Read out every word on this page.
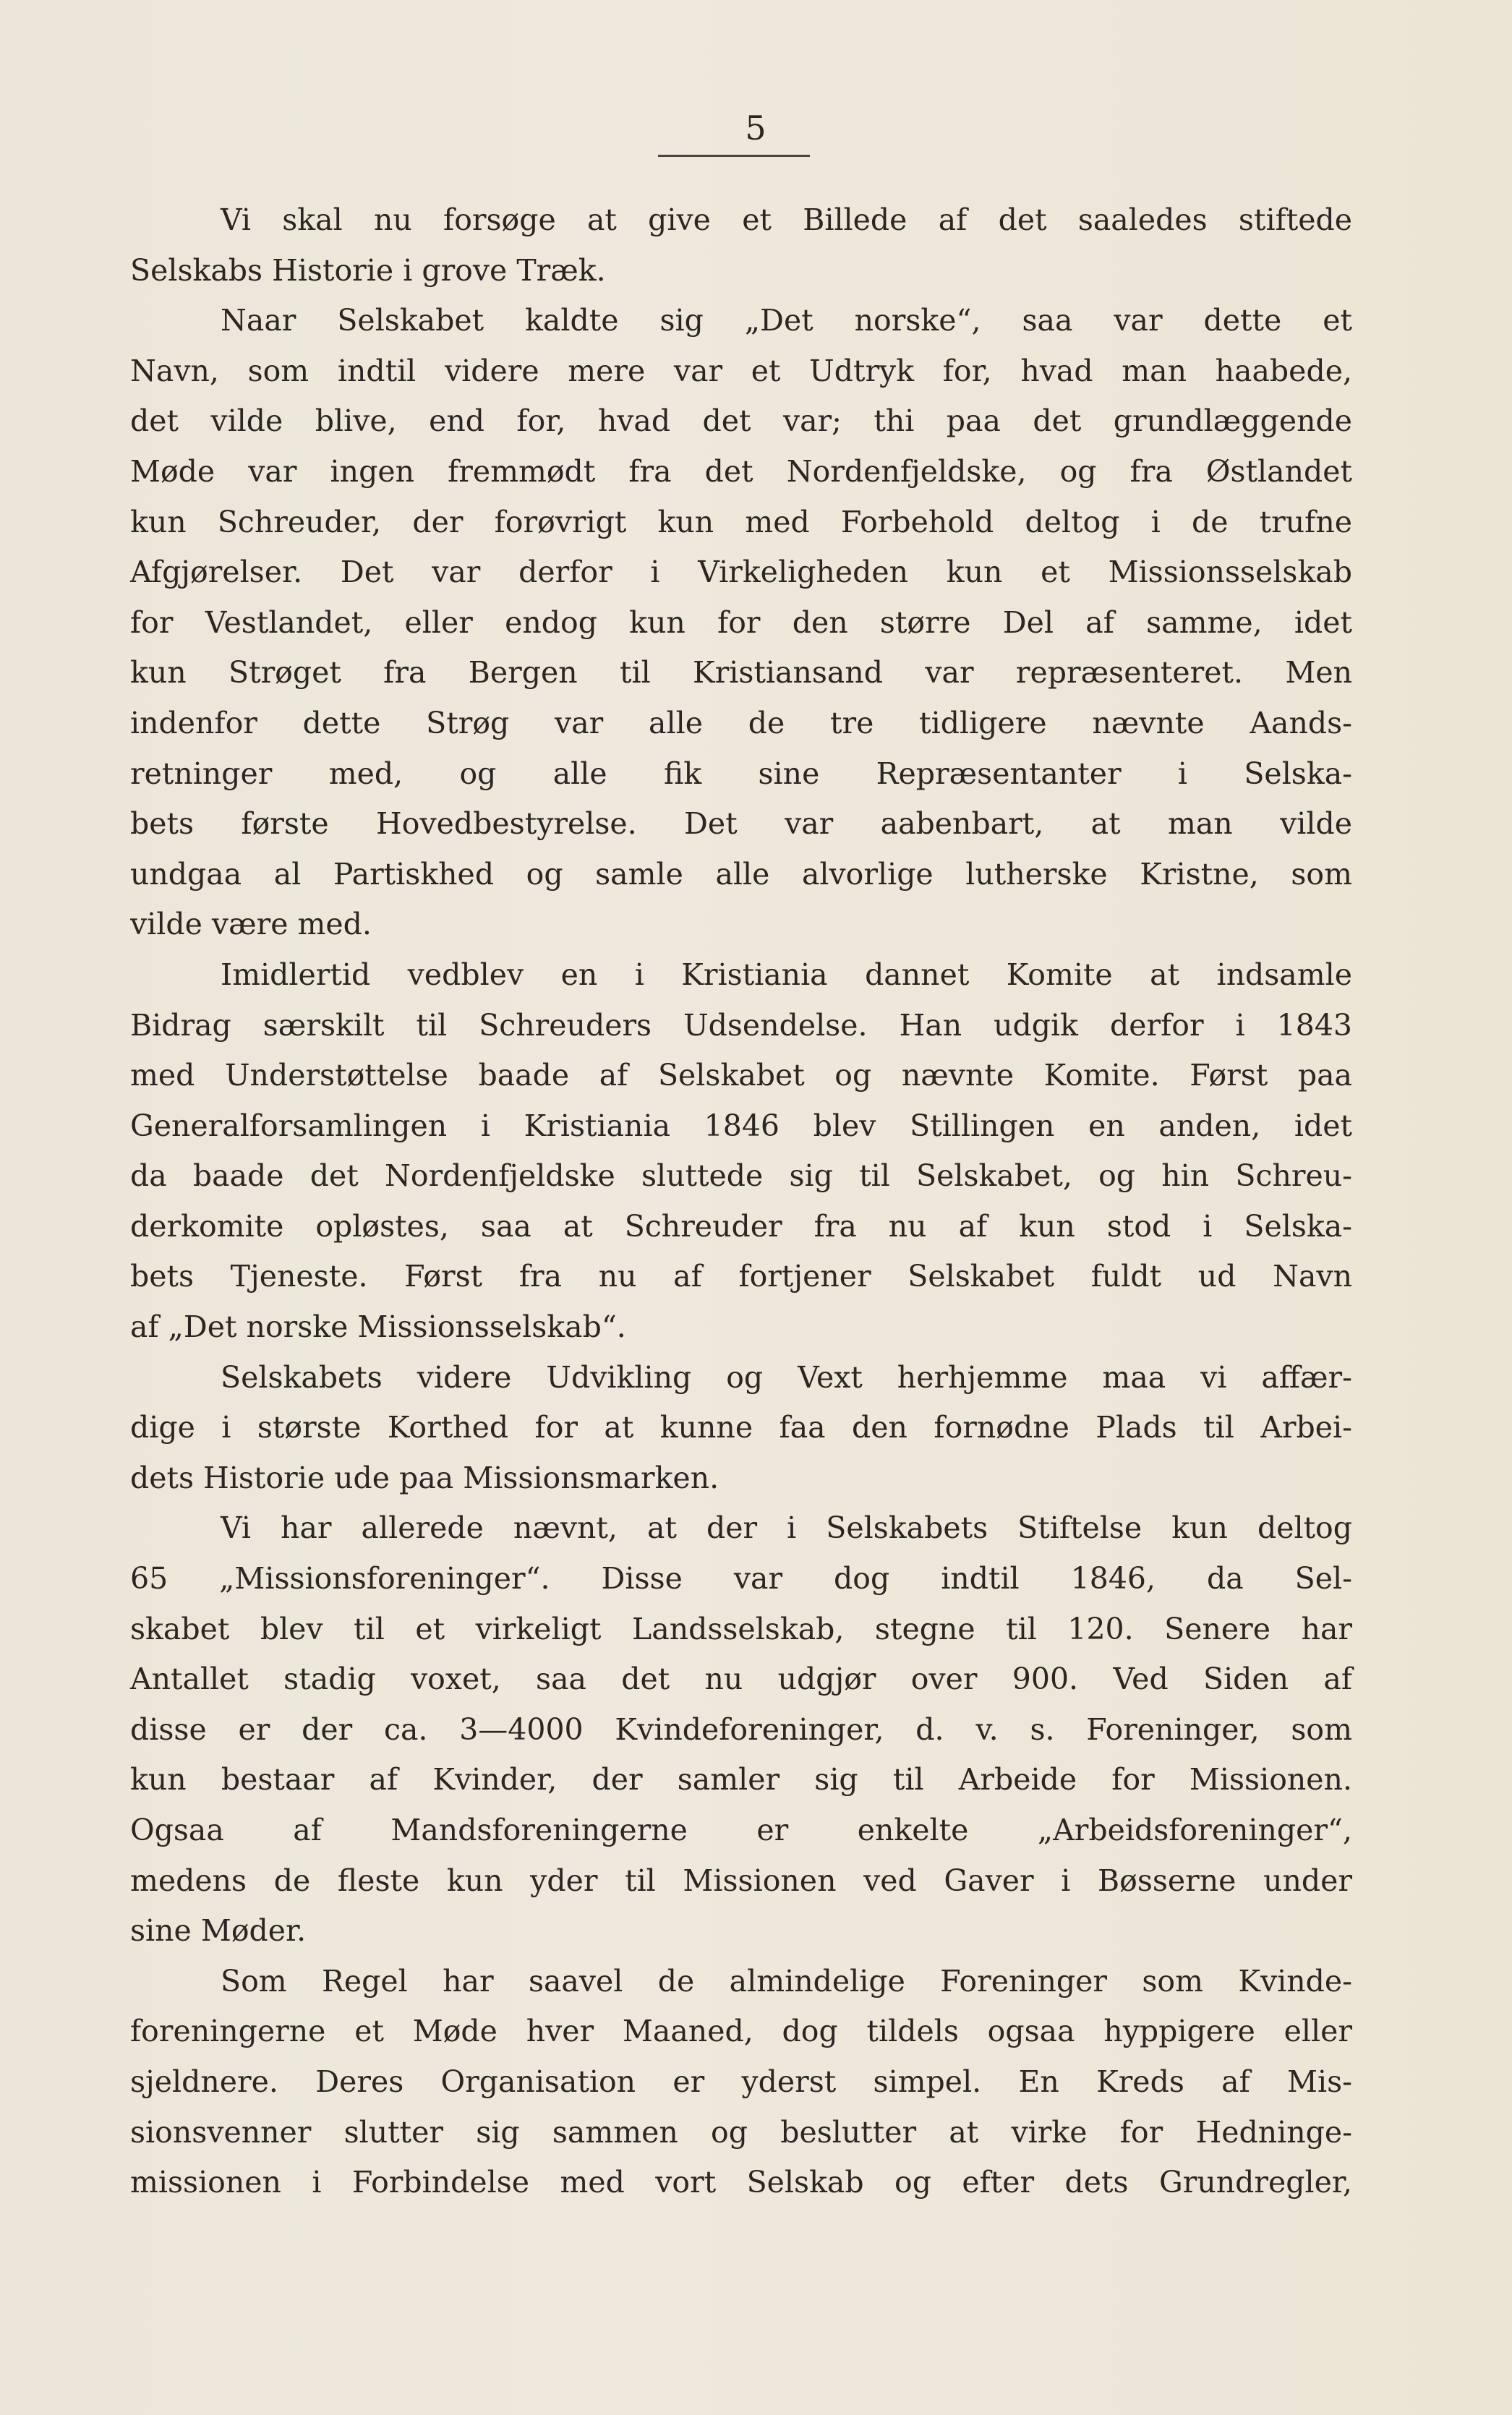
5
Vi skal nu forsøge at give et Billede af det saaledes stiftede
Selskabs Historie i grove Træk.
Naar Selskabet kaldte sig „Det norske“, saa var dette et
Navn, som indtil videre mere var et Udtryk for, hvad man haabede,
det vilde blive, end for, hvad det var; thi paa det grundlæggende
Møde var ingen fremmødt fra det Nordenfjeldske, og fra Østlandet
kun Schreuder, der forøvrigt kun med Forbehold deltog i de trufne
Afgjørelser. Det var derfor i Virkeligheden kun et Missionsselskab
for Vestlandet, eller endog kun for den større Del af samme, idet
kun Strøget fra Bergen til Kristiansand var repræsenteret. Men
indenfor dette Strøg var alle de tre tidligere nævnte Aands-
retninger med, og alle fik sine Repræsentanter i Selska-
bets første Hovedbestyrelse. Det var aabenbart, at man vilde
undgaa al Partiskhed og samle alle alvorlige lutherske Kristne, som
vilde være med.
Imidlertid vedblev en i Kristiania dannet Komite at indsamle
Bidrag særskilt til Schreuders Udsendelse. Han udgik derfor i 1843
med Understøttelse baade af Selskabet og nævnte Komite. Først paa
Generalforsamlingen i Kristiania 1846 blev Stillingen en anden, idet
da baade det Nordenfjeldske sluttede sig til Selskabet, og hin Schreu-
derkomite opløstes, saa at Schreuder fra nu af kun stod i Selska-
bets Tjeneste. Først fra nu af fortjener Selskabet fuldt ud Navn
af „Det norske Missionsselskab“.
Selskabets videre Udvikling og Vext herhjemme maa vi affær-
dige i største Korthed for at kunne faa den fornødne Plads til Arbei-
dets Historie ude paa Missionsmarken.
Vi har allerede nævnt, at der i Selskabets Stiftelse kun deltog
65 „Missionsforeninger“. Disse var dog indtil 1846, da Sel-
skabet blev til et virkeligt Landsselskab, stegne til 120. Senere har
Antallet stadig voxet, saa det nu udgjør over 900. Ved Siden af
disse er der ca. 3—4000 Kvindeforeninger, d. v. s. Foreninger, som
kun bestaar af Kvinder, der samler sig til Arbeide for Missionen.
Ogsaa af Mandsforeningerne er enkelte „Arbeidsforeninger“,
medens de fleste kun yder til Missionen ved Gaver i Bøsserne under
sine Møder.
Som Regel har saavel de almindelige Foreninger som Kvinde-
foreningerne et Møde hver Maaned, dog tildels ogsaa hyppigere eller
sjeldnere. Deres Organisation er yderst simpel. En Kreds af Mis-
sionsvenner slutter sig sammen og beslutter at virke for Hedninge-
missionen i Forbindelse med vort Selskab og efter dets Grundregler,
